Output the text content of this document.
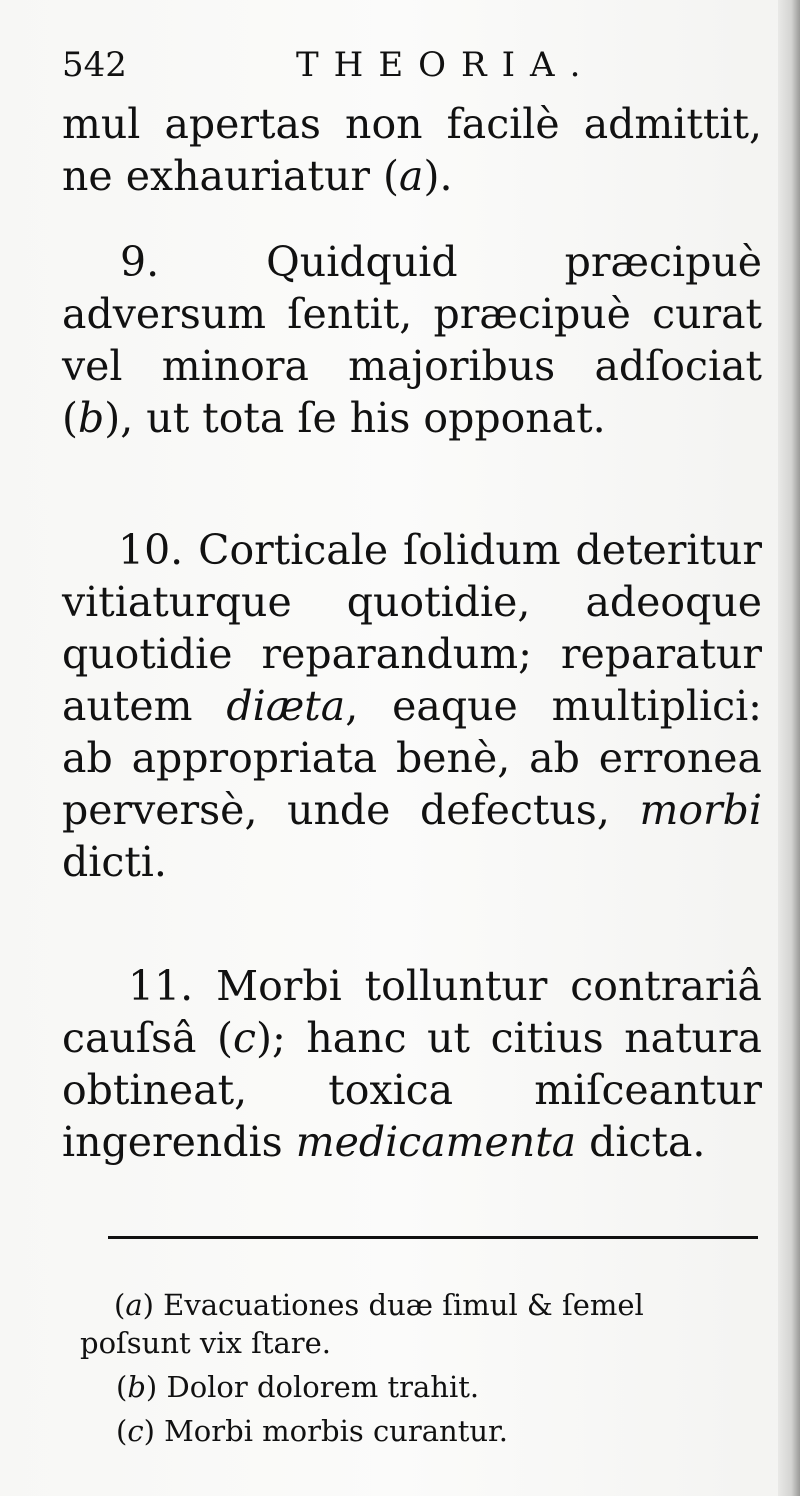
542	THEORIA.

mul apertas non facilè admittit, ne exhauriatur (a).

9. Quidquid præcipuè adversum ſentit, præcipuè curat vel minora majoribus adſociat (b), ut tota ſe his opponat.

10. Corticale ſolidum deteritur vitiaturque quotidie, adeoque quotidie reparandum; reparatur autem diæta, eaque multiplici: ab appropriata benè, ab erronea perversè, unde defectus, morbi dicti.

11. Morbi tolluntur contrariâ cauſsâ (c); hanc ut citius natura obtineat, toxica miſceantur ingerendis medicamenta dicta.

(a) Evacuationes duæ ſimul & ſemel poſsunt vix ſtare.

(b) Dolor dolorem trahit.

(c) Morbi morbis curantur.
